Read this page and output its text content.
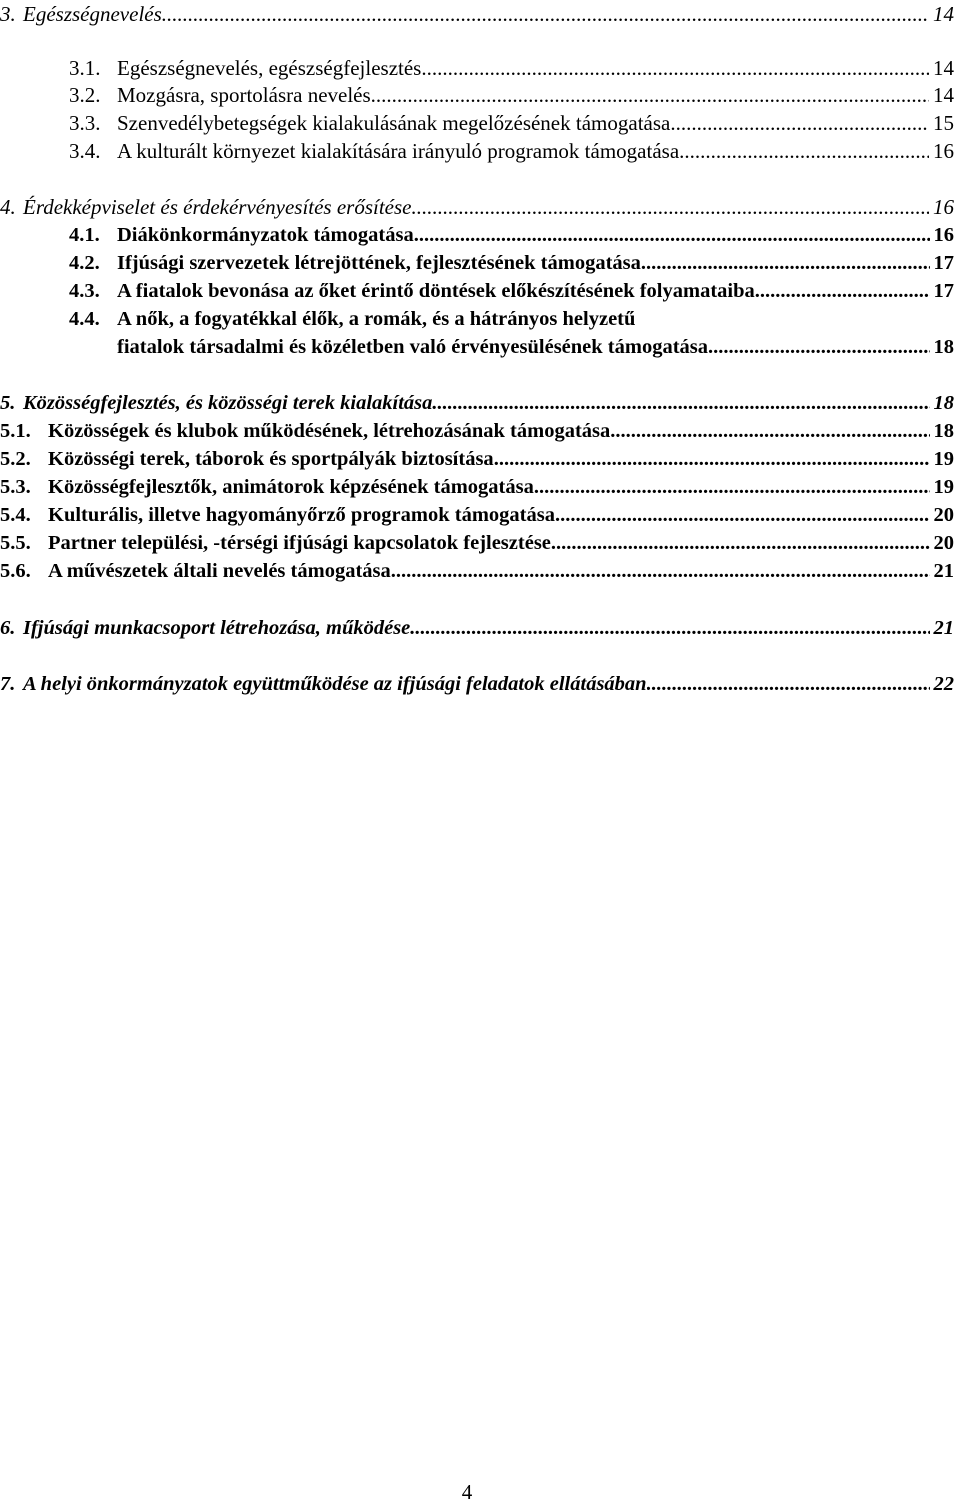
3. Egészségnevelés .....	14
3.1. Egészségnevelés, egészségfejlesztés .....	14
3.2. Mozgásra, sportolásra nevelés .....	14
3.3. Szenvedélybetegségek kialakulásának megelőzésének támogatása .....	15
3.4. A kulturált környezet kialakítására irányuló programok támogatása .....	16
4. Érdekképviselet és érdekérvényesítés erősítése .....	16
4.1. Diákönkormányzatok támogatása .....	16
4.2. Ifjúsági szervezetek létrejöttének, fejlesztésének támogatása .....	17
4.3. A fiatalok bevonása az őket érintő döntések előkészítésének folyamataiba .....	17
4.4. A nők, a fogyatékkal élők, a romák, és a hátrányos helyzetű
fiatalok társadalmi és közéletben való érvényesülésének támogatása .....	18
5. Közösségfejlesztés, és közösségi terek kialakítása .....	18
5.1. Közösségek és klubok működésének, létrehozásának támogatása .....	18
5.2. Közösségi terek, táborok és sportpályák biztosítása .....	19
5.3. Közösségfejlesztők, animátorok képzésének támogatása .....	19
5.4. Kulturális, illetve hagyományőrző programok támogatása .....	20
5.5. Partner települési, -térségi ifjúsági kapcsolatok fejlesztése .....	20
5.6. A művészetek általi nevelés támogatása .....	21
6. Ifjúsági munkacsoport létrehozása, működése .....	21
7. A helyi önkormányzatok együttműködése az ifjúsági feladatok ellátásában .....	22
4
